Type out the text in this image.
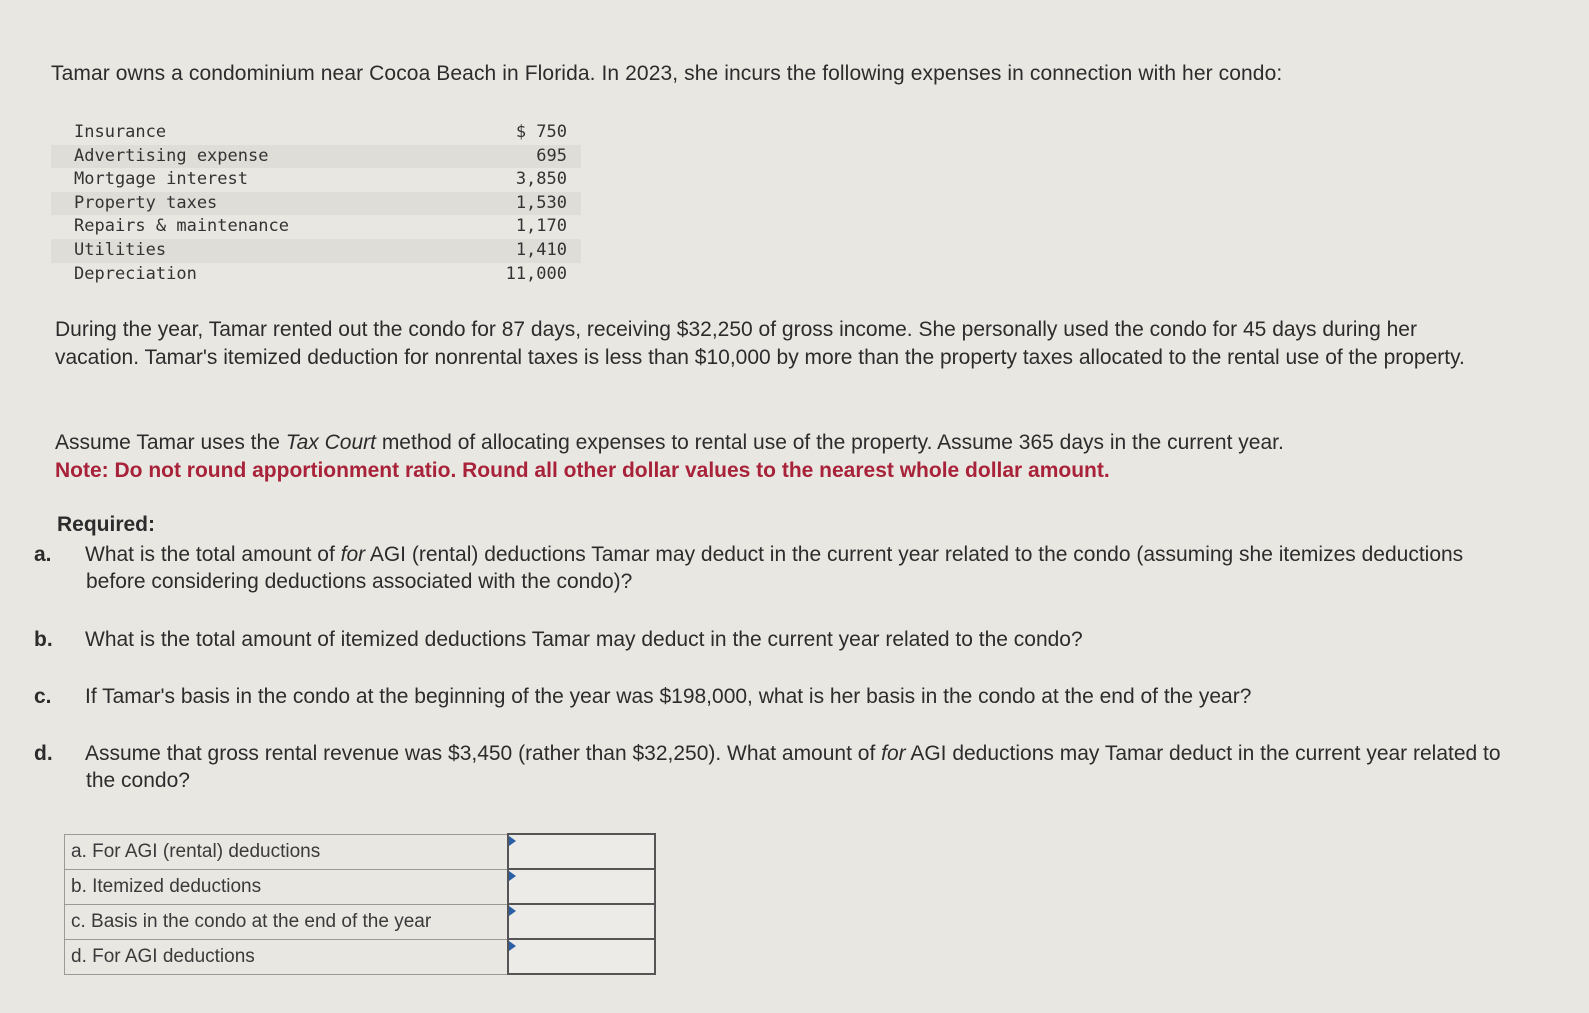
Tamar owns a condominium near Cocoa Beach in Florida. In 2023, she incurs the following expenses in connection with her condo:
Insurance	$ 750
Advertising expense	695
Mortgage interest	3,850
Property taxes	1,530
Repairs & maintenance	1,170
Utilities	1,410
Depreciation	11,000
During the year, Tamar rented out the condo for 87 days, receiving $32,250 of gross income. She personally used the condo for 45 days during her vacation. Tamar's itemized deduction for nonrental taxes is less than $10,000 by more than the property taxes allocated to the rental use of the property.
Assume Tamar uses the Tax Court method of allocating expenses to rental use of the property. Assume 365 days in the current year.
Note: Do not round apportionment ratio. Round all other dollar values to the nearest whole dollar amount.
Required:
a. What is the total amount of for AGI (rental) deductions Tamar may deduct in the current year related to the condo (assuming she itemizes deductions before considering deductions associated with the condo)?
b. What is the total amount of itemized deductions Tamar may deduct in the current year related to the condo?
c. If Tamar's basis in the condo at the beginning of the year was $198,000, what is her basis in the condo at the end of the year?
d. Assume that gross rental revenue was $3,450 (rather than $32,250). What amount of for AGI deductions may Tamar deduct in the current year related to the condo?
a. For AGI (rental) deductions	

b. Itemized deductions	

c. Basis in the condo at the end of the year	

d. For AGI deductions	
